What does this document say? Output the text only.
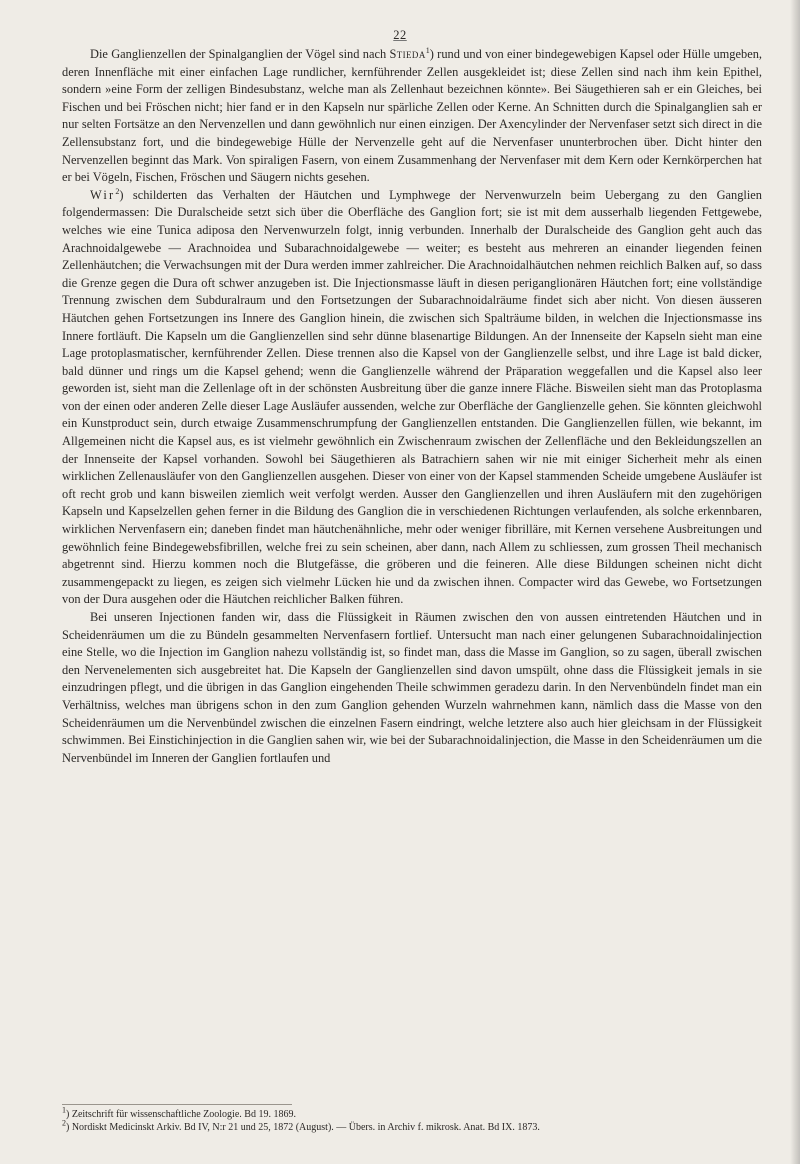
22

Die Ganglienzellen der Spinalganglien der Vögel sind nach Stieda$^1$) rund und von einer bindegewebigen Kapsel oder Hülle umgeben, deren Innenfläche mit einer einfachen Lage rundlicher, kernführender Zellen ausgekleidet ist; diese Zellen sind nach ihm kein Epithel, sondern »eine Form der zelligen Bindesubstanz, welche man als Zellenhaut bezeichnen könnte». Bei Säugethieren sah er ein Gleiches, bei Fischen und bei Fröschen nicht; hier fand er in den Kapseln nur spärliche Zellen oder Kerne. An Schnitten durch die Spinalganglien sah er nur selten Fortsätze an den Nervenzellen und dann gewöhnlich nur einen einzigen. Der Axencylinder der Nervenfaser setzt sich direct in die Zellensubstanz fort, und die bindegewebige Hülle der Nervenzelle geht auf die Nervenfaser ununterbrochen über. Dicht hinter den Nervenzellen beginnt das Mark. Von spiraligen Fasern, von einem Zusammenhang der Nervenfaser mit dem Kern oder Kernkörperchen hat er bei Vögeln, Fischen, Fröschen und Säugern nichts gesehen.

Wir$^2$) schilderten das Verhalten der Häutchen und Lymphwege der Nervenwurzeln beim Uebergang zu den Ganglien folgendermassen: Die Duralscheide setzt sich über die Oberfläche des Ganglion fort; sie ist mit dem ausserhalb liegenden Fettgewebe, welches wie eine Tunica adiposa den Nervenwurzeln folgt, innig verbunden. Innerhalb der Duralscheide des Ganglion geht auch das Arachnoidalgewebe — Arachnoidea und Subarachnoidalgewebe — weiter; es besteht aus mehreren an einander liegenden feinen Zellenhäutchen; die Verwachsungen mit der Dura werden immer zahlreicher. Die Arachnoidalhäutchen nehmen reichlich Balken auf, so dass die Grenze gegen die Dura oft schwer anzugeben ist. Die Injectionsmasse läuft in diesen periganglionären Häutchen fort; eine vollständige Trennung zwischen dem Subduralraum und den Fortsetzungen der Subarachnoidalräume findet sich aber nicht. Von diesen äusseren Häutchen gehen Fortsetzungen ins Innere des Ganglion hinein, die zwischen sich Spalträume bilden, in welchen die Injectionsmasse ins Innere fortläuft. Die Kapseln um die Ganglienzellen sind sehr dünne blasenartige Bildungen. An der Innenseite der Kapseln sieht man eine Lage protoplasmatischer, kernführender Zellen. Diese trennen also die Kapsel von der Ganglienzelle selbst, und ihre Lage ist bald dicker, bald dünner und rings um die Kapsel gehend; wenn die Ganglienzelle während der Präparation weggefallen und die Kapsel also leer geworden ist, sieht man die Zellenlage oft in der schönsten Ausbreitung über die ganze innere Fläche. Bisweilen sieht man das Protoplasma von der einen oder anderen Zelle dieser Lage Ausläufer aussenden, welche zur Oberfläche der Ganglienzelle gehen. Sie könnten gleichwohl ein Kunstproduct sein, durch etwaige Zusammenschrumpfung der Ganglienzellen entstanden. Die Ganglienzellen füllen, wie bekannt, im Allgemeinen nicht die Kapsel aus, es ist vielmehr gewöhnlich ein Zwischenraum zwischen der Zellenfläche und den Bekleidungszellen an der Innenseite der Kapsel vorhanden. Sowohl bei Säugethieren als Batrachiern sahen wir nie mit einiger Sicherheit mehr als einen wirklichen Zellenausläufer von den Ganglienzellen ausgehen. Dieser von einer von der Kapsel stammenden Scheide umgebene Ausläufer ist oft recht grob und kann bisweilen ziemlich weit verfolgt werden. Ausser den Ganglienzellen und ihren Ausläufern mit den zugehörigen Kapseln und Kapselzellen gehen ferner in die Bildung des Ganglion die in verschiedenen Richtungen verlaufenden, als solche erkennbaren, wirklichen Nervenfasern ein; daneben findet man häutchenähnliche, mehr oder weniger fibrilläre, mit Kernen versehene Ausbreitungen und gewöhnlich feine Bindegewebsfibrillen, welche frei zu sein scheinen, aber dann, nach Allem zu schliessen, zum grossen Theil mechanisch abgetrennt sind. Hierzu kommen noch die Blutgefässe, die gröberen und die feineren. Alle diese Bildungen scheinen nicht dicht zusammengepackt zu liegen, es zeigen sich vielmehr Lücken hie und da zwischen ihnen. Compacter wird das Gewebe, wo Fortsetzungen von der Dura ausgehen oder die Häutchen reichlicher Balken führen.

Bei unseren Injectionen fanden wir, dass die Flüssigkeit in Räumen zwischen den von aussen eintretenden Häutchen und in Scheidenräumen um die zu Bündeln gesammelten Nervenfasern fortlief. Untersucht man nach einer gelungenen Subarachnoidalinjection eine Stelle, wo die Injection im Ganglion nahezu vollständig ist, so findet man, dass die Masse im Ganglion, so zu sagen, überall zwischen den Nervenelementen sich ausgebreitet hat. Die Kapseln der Ganglienzellen sind davon umspült, ohne dass die Flüssigkeit jemals in sie einzudringen pflegt, und die übrigen in das Ganglion eingehenden Theile schwimmen geradezu darin. In den Nervenbündeln findet man ein Verhältniss, welches man übrigens schon in den zum Ganglion gehenden Wurzeln wahrnehmen kann, nämlich dass die Masse von den Scheidenräumen um die Nervenbündel zwischen die einzelnen Fasern eindringt, welche letztere also auch hier gleichsam in der Flüssigkeit schwimmen. Bei Einstichinjection in die Ganglien sahen wir, wie bei der Subarachnoidalinjection, die Masse in den Scheidenräumen um die Nervenbündel im Inneren der Ganglien fortlaufen und

$^1$) Zeitschrift für wissenschaftliche Zoologie. Bd 19. 1869.

$^2$) Nordiskt Medicinskt Arkiv. Bd IV, N:r 21 und 25, 1872 (August). — Übers. in Archiv f. mikrosk. Anat. Bd IX. 1873.
